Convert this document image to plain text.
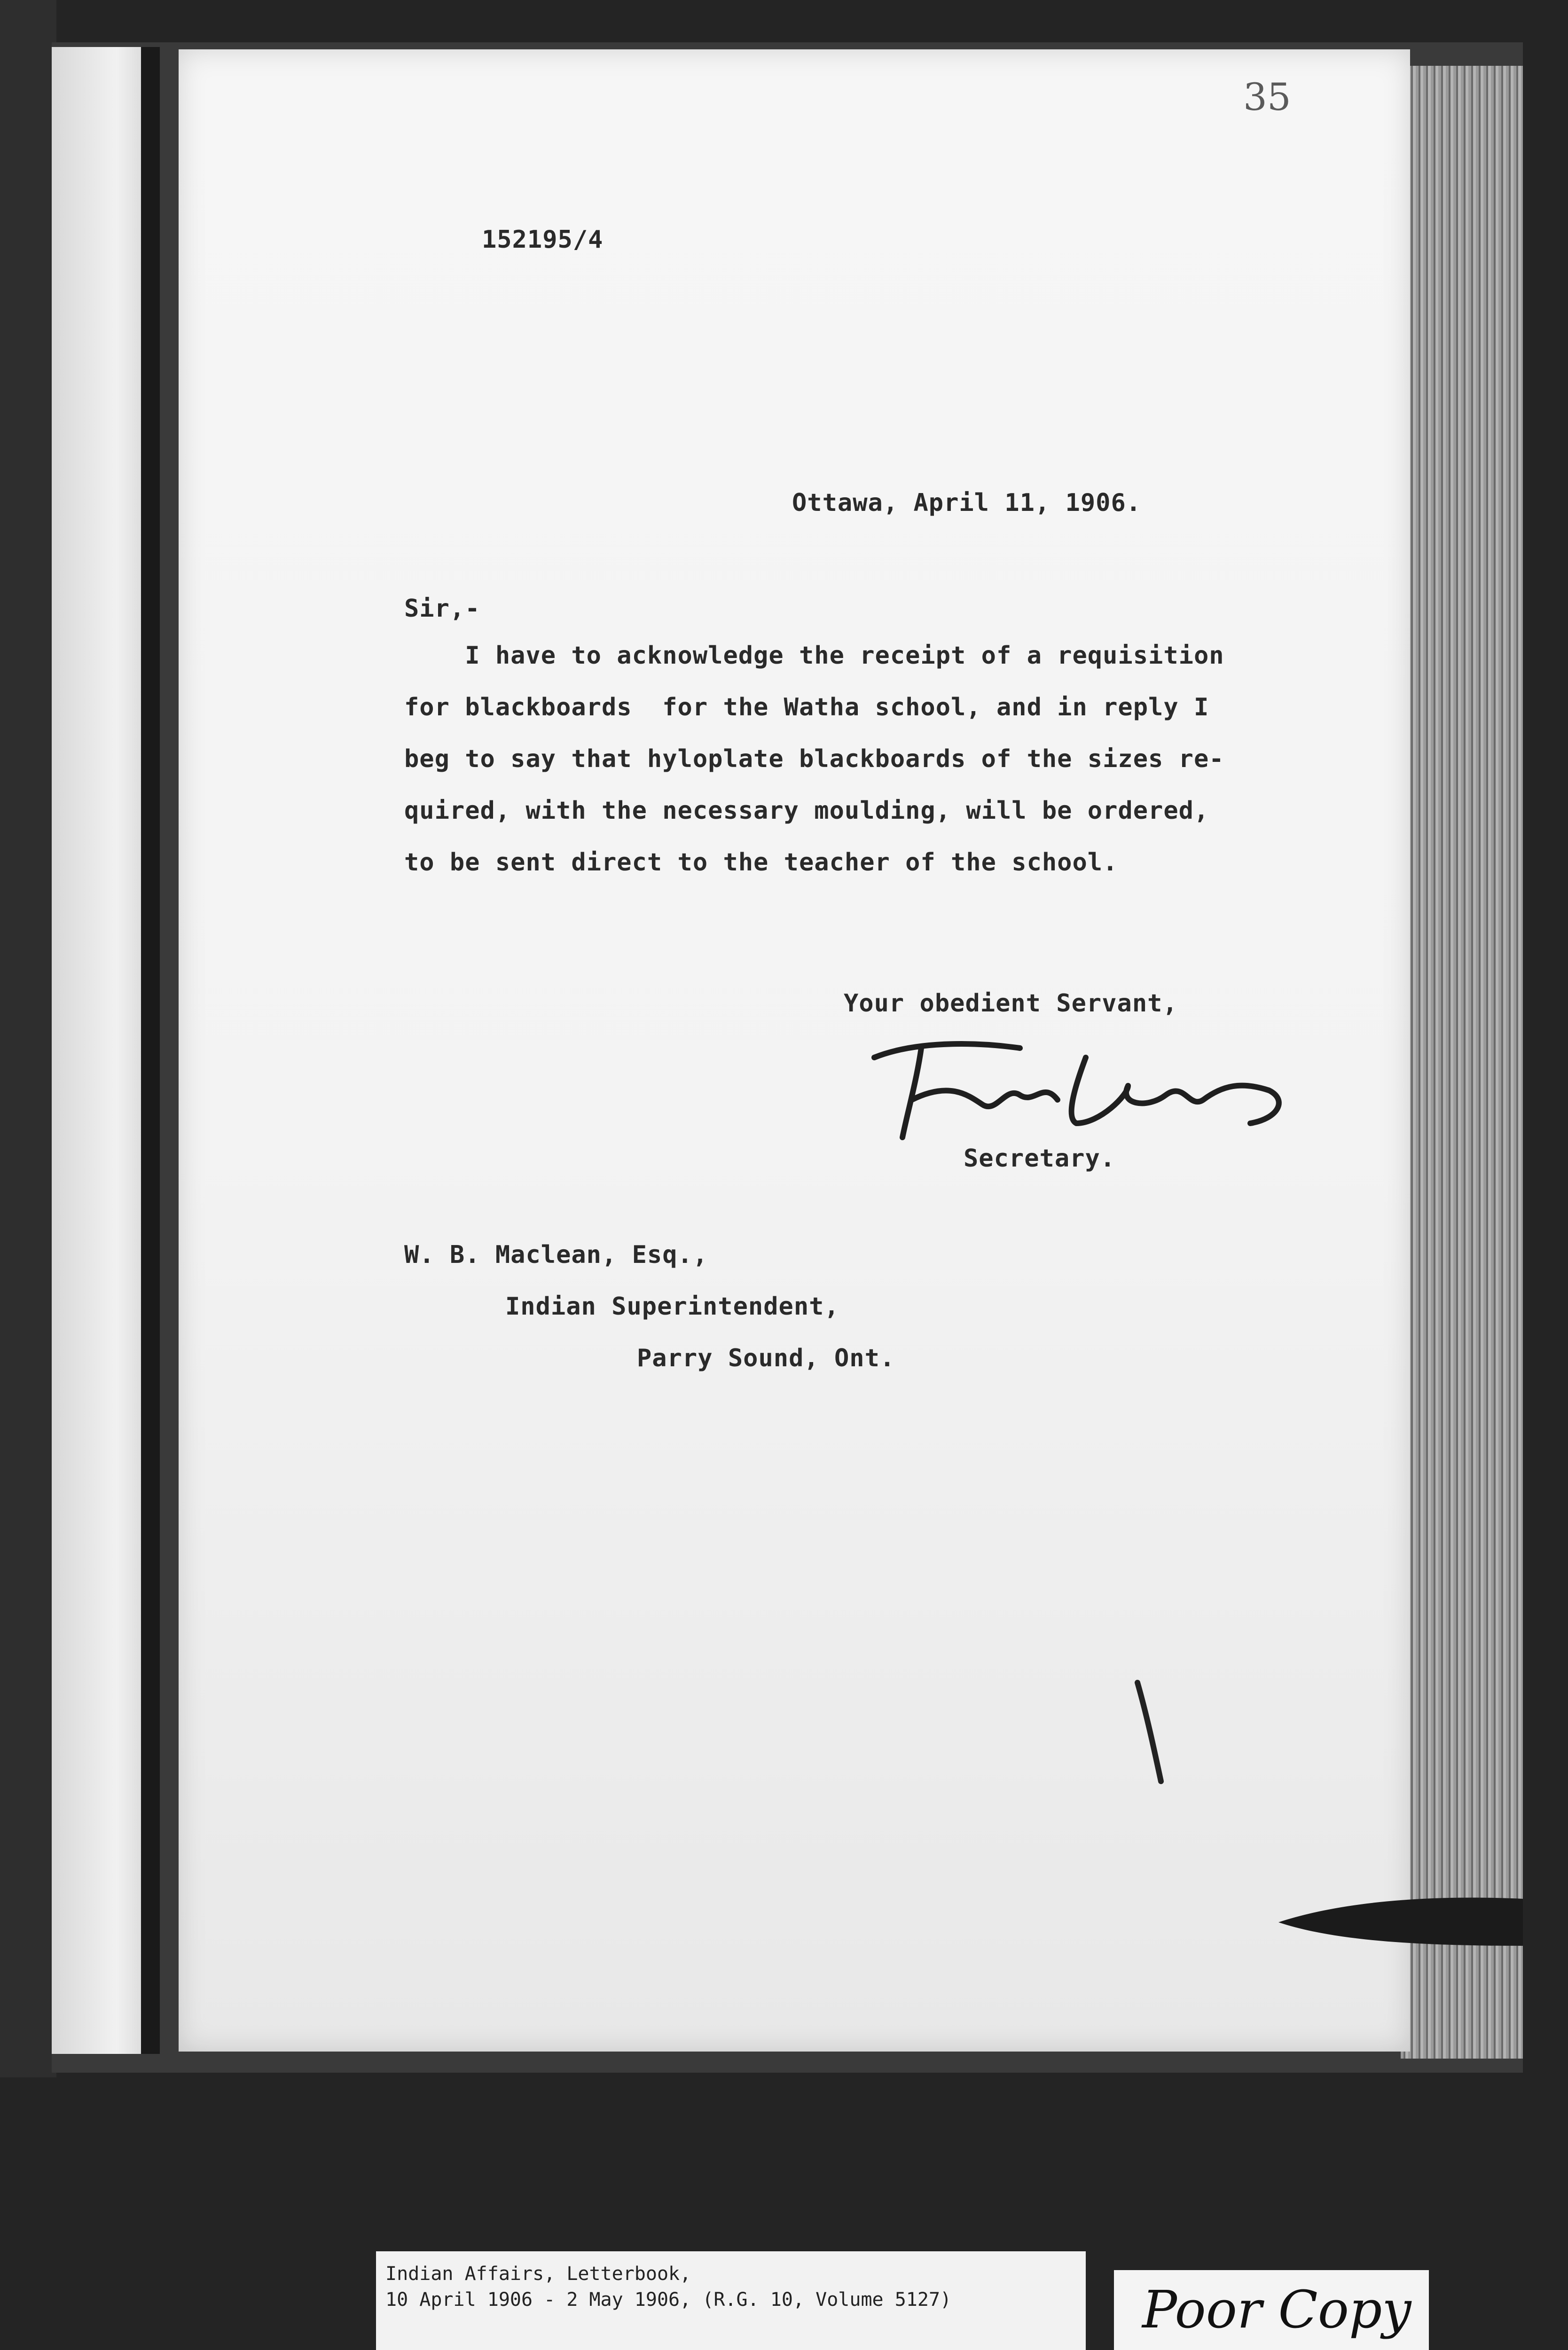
35
152195/4
Ottawa, April 11, 1906.
Sir,-
I have to acknowledge the receipt of a requisition
for blackboards  for the Watha school, and in reply I
beg to say that hyloplate blackboards of the sizes re-
quired, with the necessary moulding, will be ordered,
to be sent direct to the teacher of the school.
Your obedient Servant,
Secretary.
W. B. Maclean, Esq.,
Indian Superintendent,
Parry Sound, Ont.
Indian Affairs, Letterbook,
10 April 1906 - 2 May 1906, (R.G. 10, Volume 5127)	Poor Copy
